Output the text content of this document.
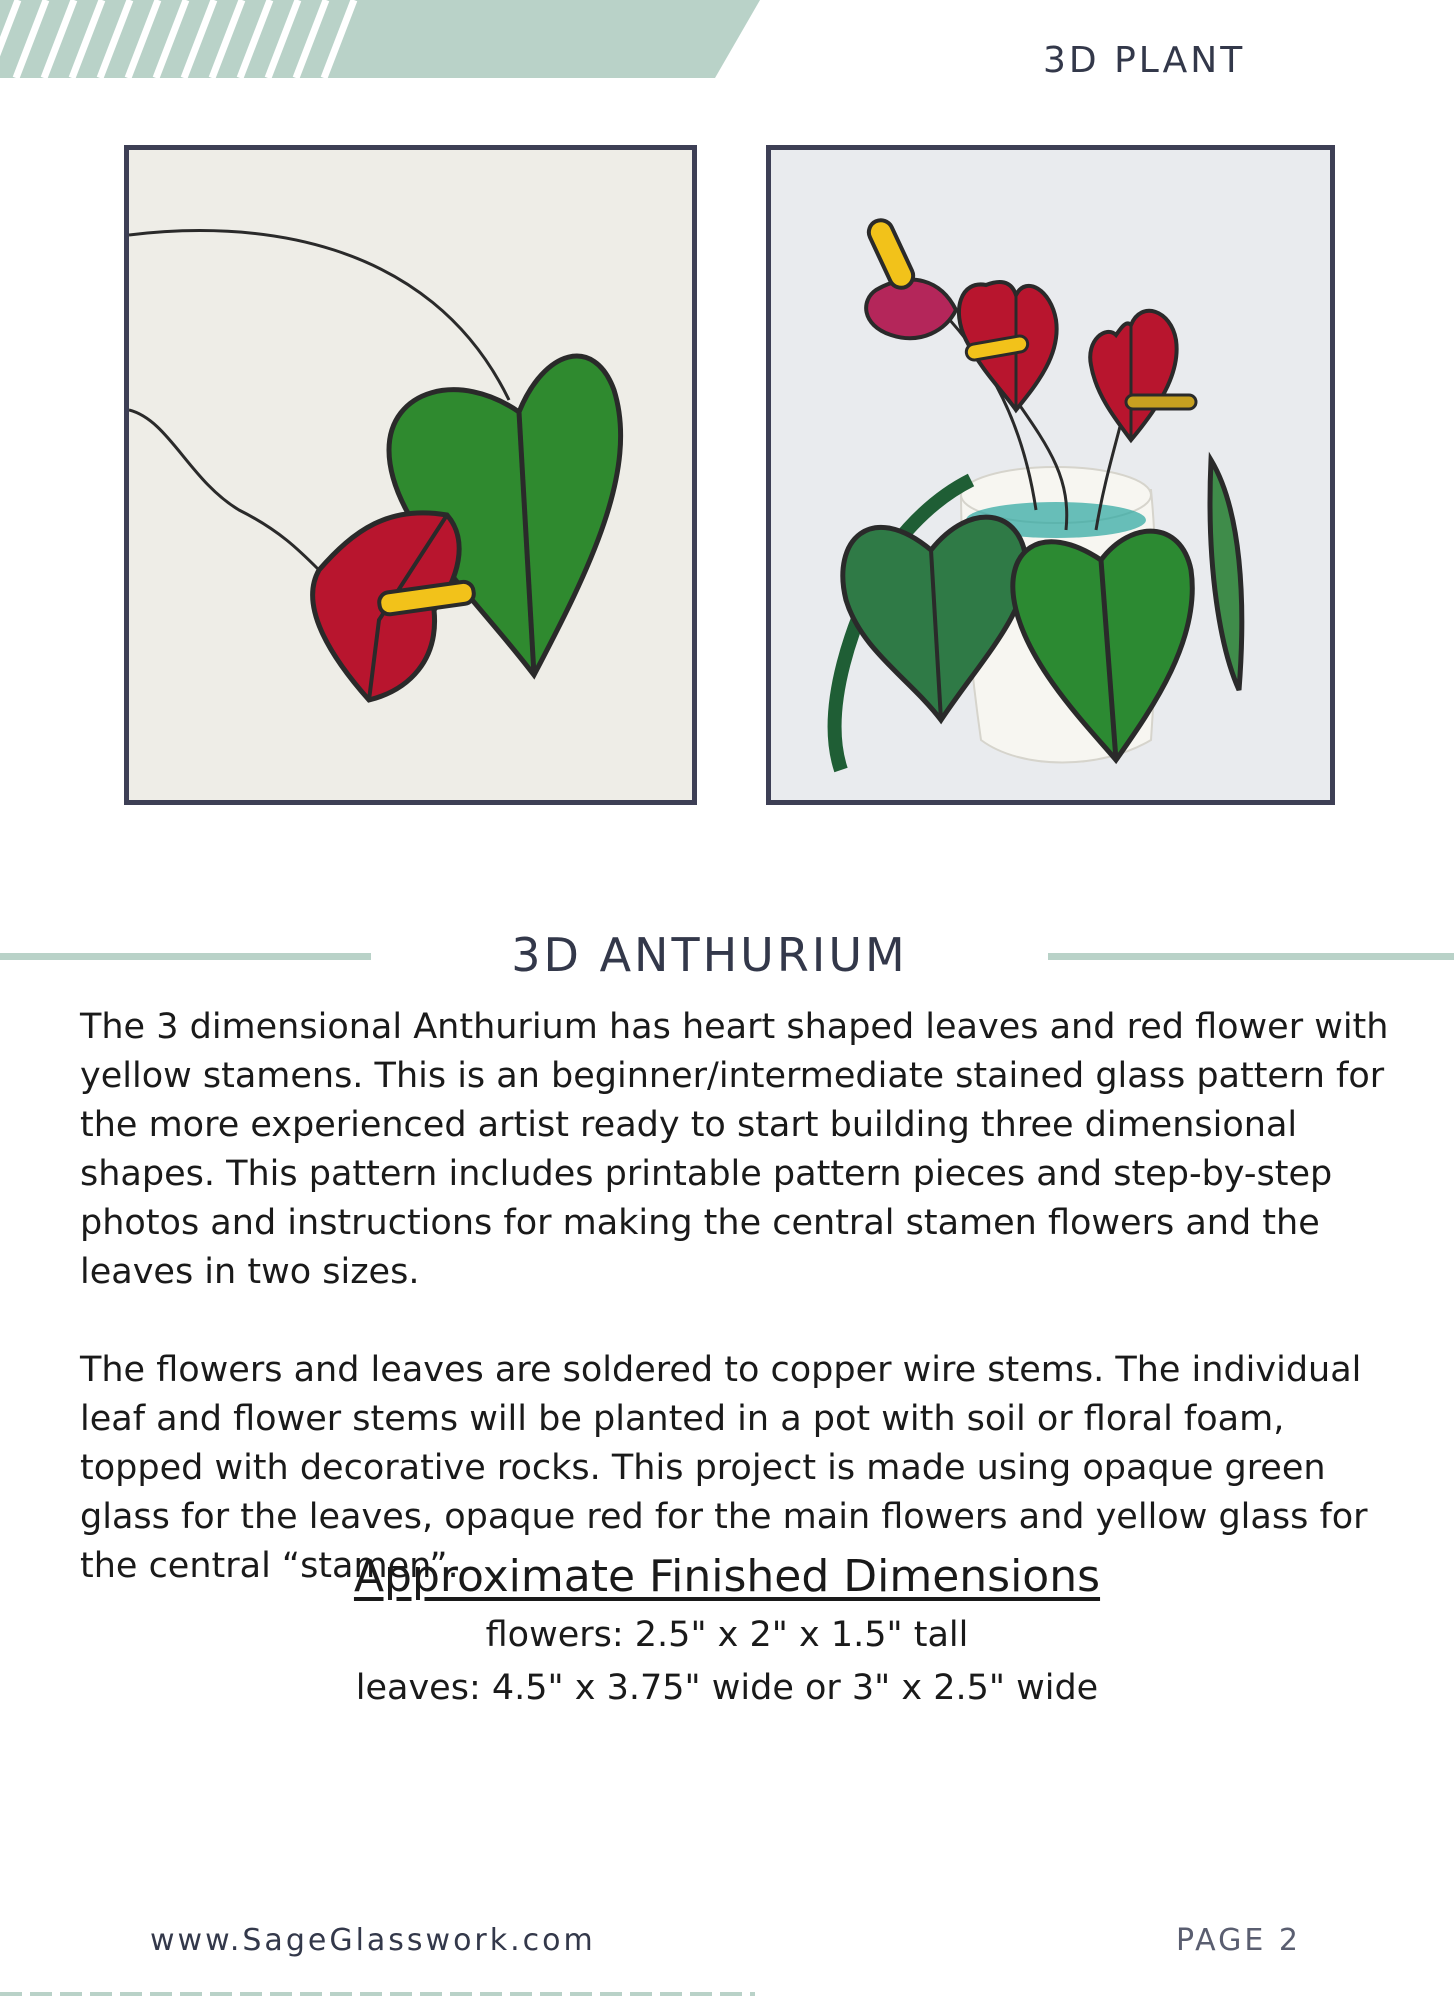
3D PLANT
3D ANTHURIUM

The 3 dimensional Anthurium has heart shaped leaves and red flower with yellow stamens. This is an beginner/intermediate stained glass pattern for the more experienced artist ready to start building three dimensional shapes. This pattern includes printable pattern pieces and step-by-step photos and instructions for making the central stamen flowers and the leaves in two sizes.

The flowers and leaves are soldered to copper wire stems. The individual leaf and flower stems will be planted in a pot with soil or floral foam, topped with decorative rocks. This project is made using opaque green glass for the leaves, opaque red for the main flowers and yellow glass for the central “stamen”.

Approximate Finished Dimensions
flowers: 2.5" x 2" x 1.5" tall
leaves: 4.5" x 3.75" wide or 3" x 2.5" wide
www.SageGlasswork.com	PAGE 2
